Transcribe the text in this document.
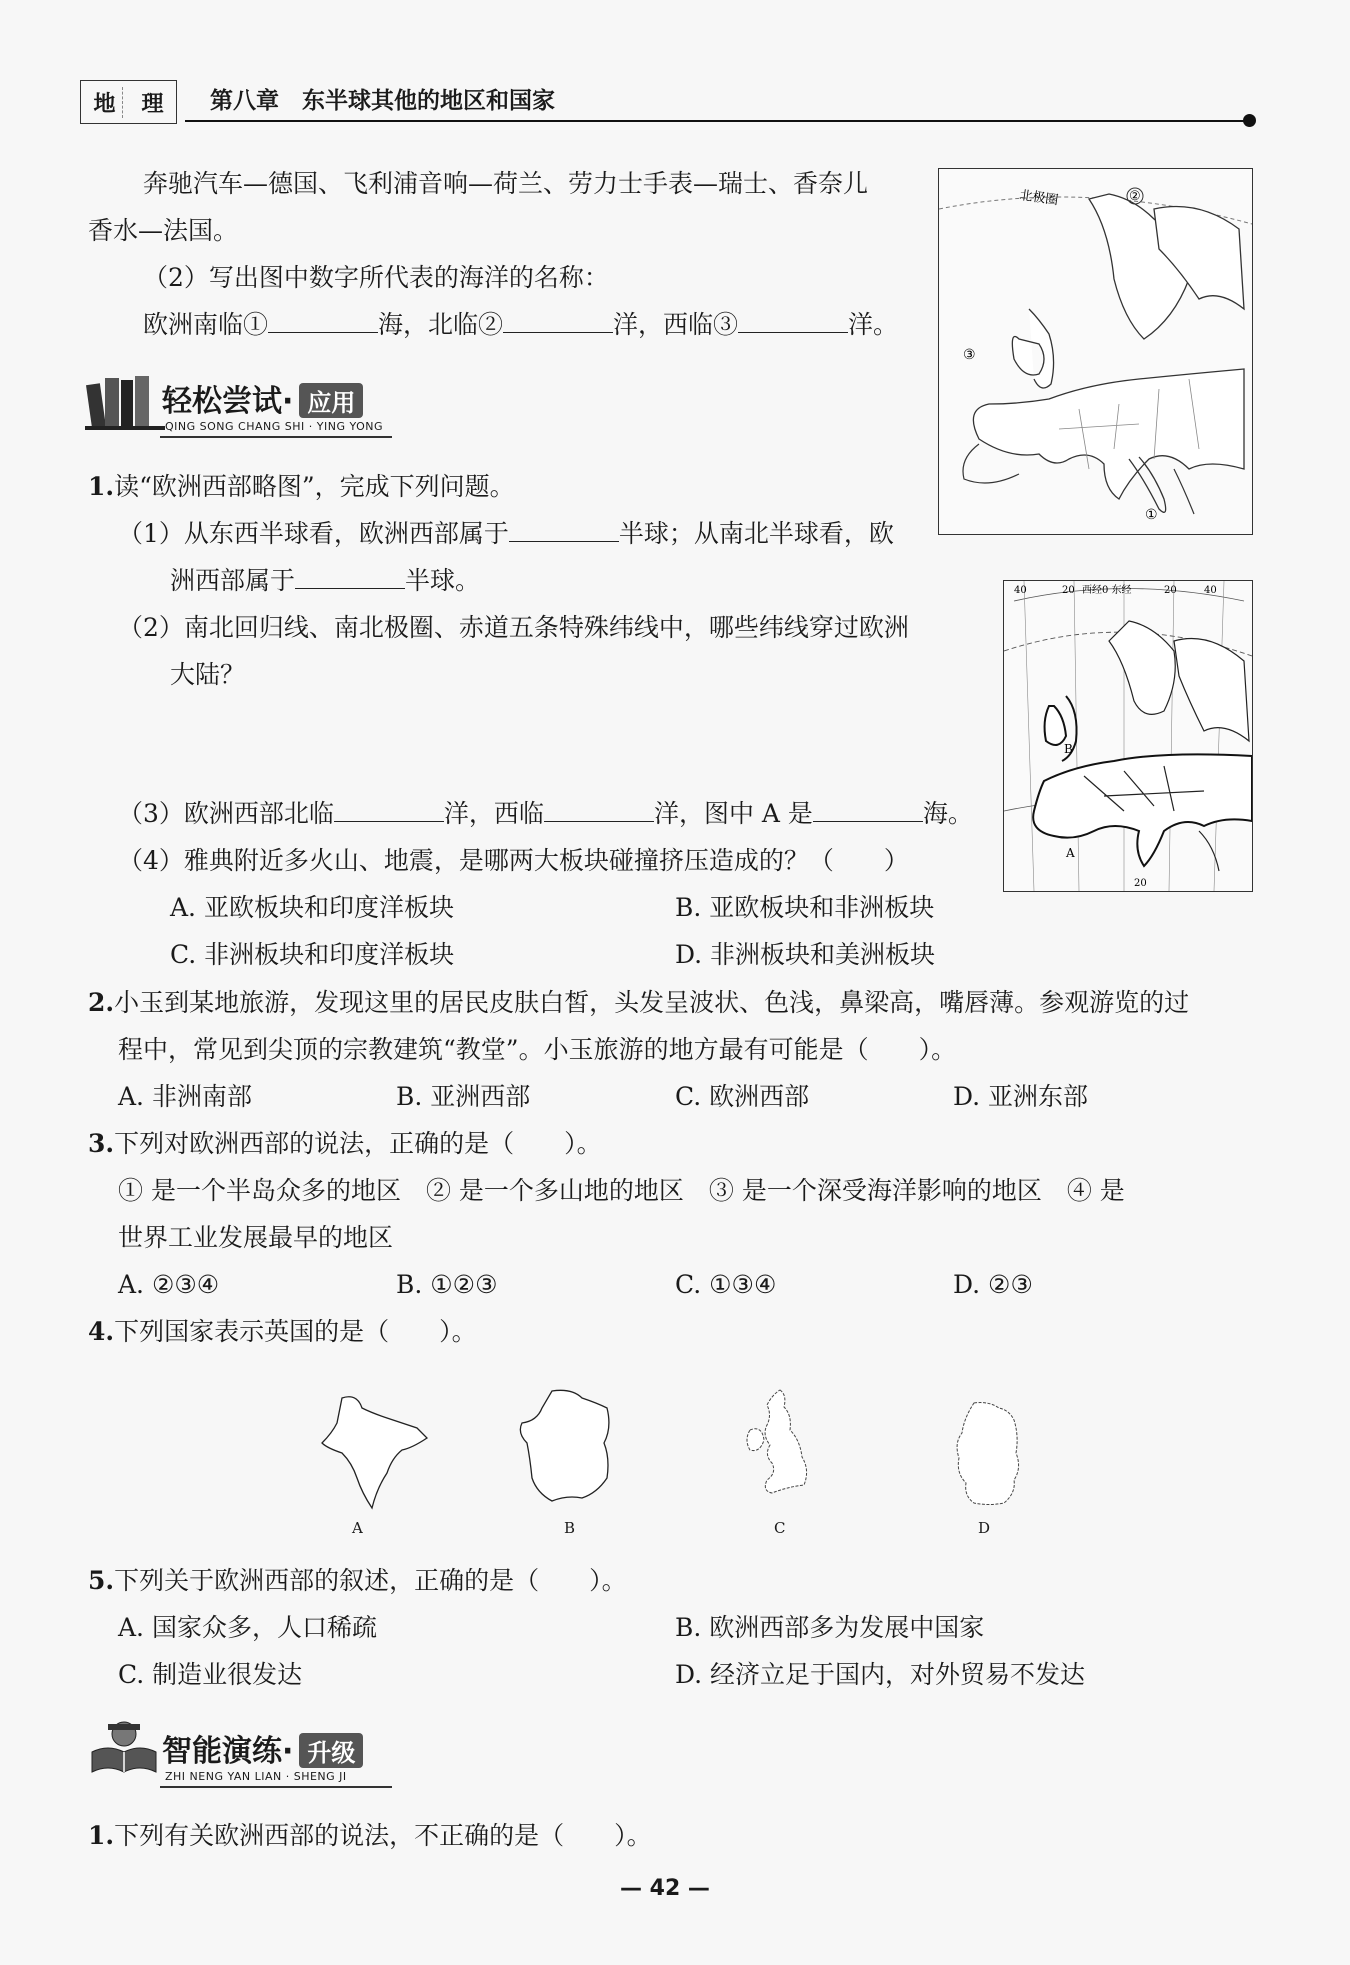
地	理 第八章　东半球其他的地区和国家
奔驰汽车—德国、飞利浦音响—荷兰、劳力士手表—瑞士、香奈儿
香水—法国。
（2）写出图中数字所代表的海洋的名称：
欧洲南临①	海，北临②	洋，西临③	洋。
北极圈	②
③
①
轻松尝试· 应用
QING SONG CHANG SHI · YING YONG
1.读“欧洲西部略图”，完成下列问题。
（1）从东西半球看，欧洲西部属于	半球；从南北半球看，欧
洲西部属于	半球。
（2）南北回归线、南北极圈、赤道五条特殊纬线中，哪些纬线穿过欧洲
大陆？
（3）欧洲西部北临	洋，西临	洋，图中 A 是	海。
（4）雅典附近多火山、地震，是哪两大板块碰撞挤压造成的？（　　）
A. 亚欧板块和印度洋板块	B. 亚欧板块和非洲板块
C. 非洲板块和印度洋板块	D. 非洲板块和美洲板块
40	20 西经0 东经	20	40
20
A
B
2.小玉到某地旅游，发现这里的居民皮肤白皙，头发呈波状、色浅，鼻梁高，嘴唇薄。参观游览的过
程中，常见到尖顶的宗教建筑“教堂”。小玉旅游的地方最有可能是（　　）。
A. 非洲南部	B. 亚洲西部	C. 欧洲西部	D. 亚洲东部
3.下列对欧洲西部的说法，正确的是（　　）。
① 是一个半岛众多的地区　② 是一个多山地的地区　③ 是一个深受海洋影响的地区　④ 是
世界工业发展最早的地区
A. ②③④	B. ①②③	C. ①③④	D. ②③
4.下列国家表示英国的是（　　）。
A	B	C	D
5.下列关于欧洲西部的叙述，正确的是（　　）。
A. 国家众多，人口稀疏	B. 欧洲西部多为发展中国家
C. 制造业很发达	D. 经济立足于国内，对外贸易不发达
智能演练· 升级
ZHI NENG YAN LIAN · SHENG JI
1.下列有关欧洲西部的说法，不正确的是（　　）。
— 42 —
